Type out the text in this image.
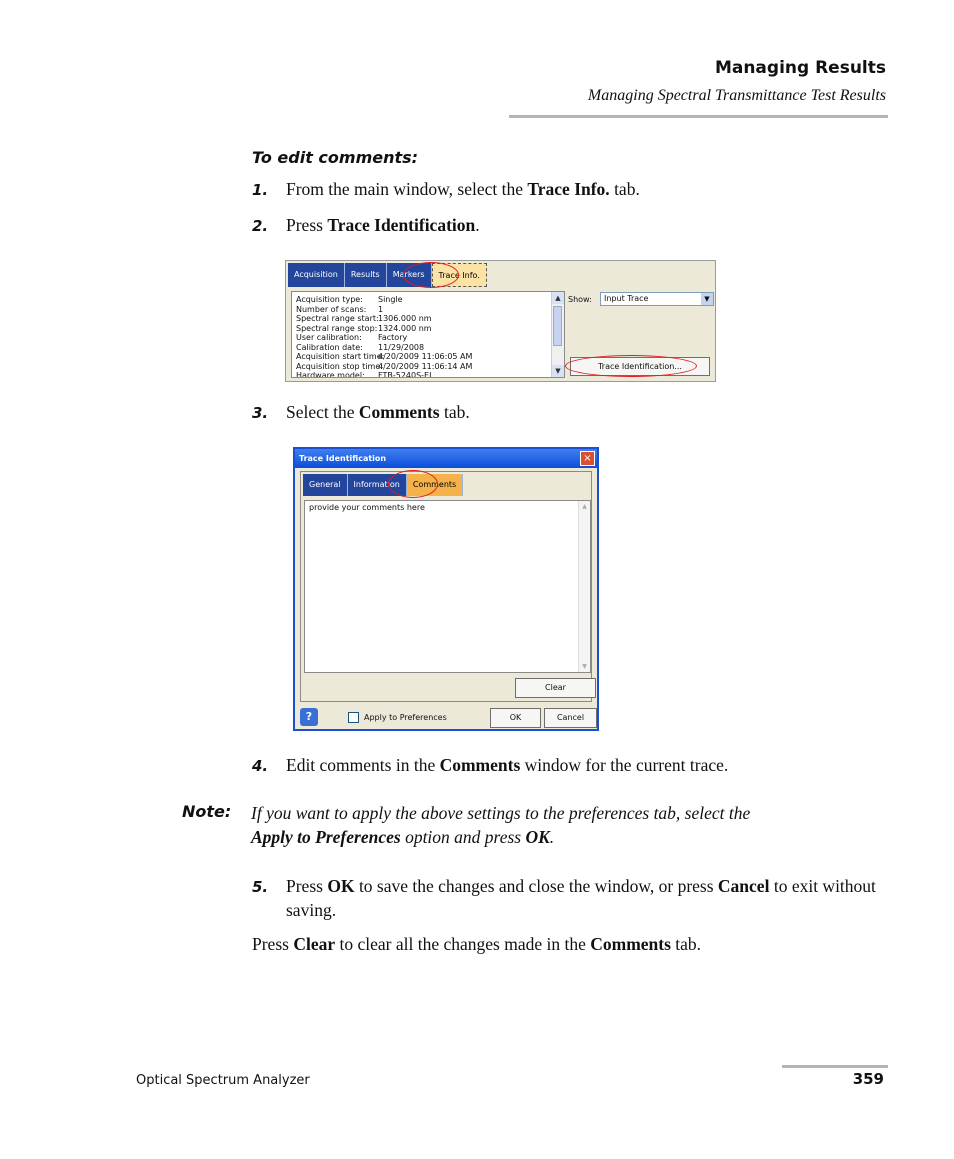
Managing Results
Managing Spectral Transmittance Test Results
To edit comments:
1. From the main window, select the Trace Info. tab.
2. Press Trace Identification.
Acquisition	Results	Markers	Trace Info.
Acquisition type: Single
Number of scans: 1
Spectral range start:1306.000 nm
Spectral range stop:1324.000 nm
User calibration: Factory
Calibration date: 11/29/2008
Acquisition start time:4/20/2009 11:06:05 AM
Acquisition stop time:4/20/2009 11:06:14 AM
Hardware model: FTB-5240S-EI
▲
▼
Show:	Input Trace	▼
Trace Identification...
3. Select the Comments tab.
Trace Identification	×
General	Information	Comments
provide your comments here	▲
▼
Clear
?	Apply to Preferences	OK	Cancel
4. Edit comments in the Comments window for the current trace.
Note: If you want to apply the above settings to the preferences tab, select the
Apply to Preferences option and press OK.
5. Press OK to save the changes and close the window, or press Cancel to exit without saving.
Press Clear to clear all the changes made in the Comments tab.
Optical Spectrum Analyzer	359
